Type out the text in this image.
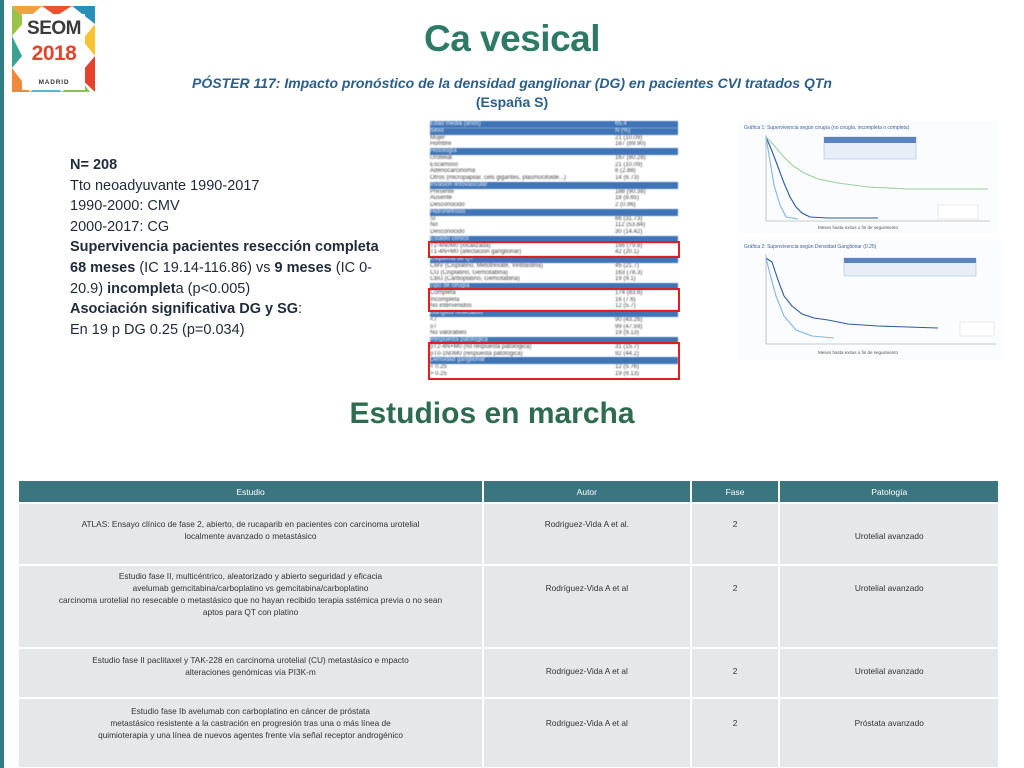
SEOM
2018
MADRID
Ca vesical
PÓSTER 117: Impacto pronóstico de la densidad ganglionar (DG) en pacientes CVI tratados QTn
(España S)
N= 208
Tto neoadyuvante 1990-2017
1990-2000: CMV
2000-2017: CG
Supervivencia pacientes resección completa
68 meses (IC 19.14-116.86) vs 9 meses (IC 0-
20.9) incompleta (p<0.005)
Asociación significativa DG y SG:
En 19 p DG 0.25 (p=0.034)
Edad media (años)	65.4
Sexo	N (%)
Mujer	21 (10.09)
Hombre	187 (89.90)
Histología
Urotelial	167 (80.28)
Escamoso	21 (10.09)
Adenocarcinoma	6 (2.88)
Otros (micropapilar, cels gigantes, plasmocitoide...)	14 (6.73)
Invasión linfovascular
Presente	188 (90.38)
Ausente	18 (8.65)
Desconocido	2 (0.96)
Hidronefrosis
Sí	66 (31.73)
No	112 (53.84)
Desconocido	30 (14.42)
Estadio clínico
T2-4N0M0 (localizada)	166 (79.8)
T1-4N+M0 (afectación ganglionar)	42 (20.1)
Esquema de QT
CMV (Cisplatino, Metotrexate, Vinblastina)	45 (21.7)
CG (Cisplatino, Gemcitabina)	163 (78.3)
CBG (Carboplatino, Gemcitabina)	19 (9.1)
Tipo de cirugía
Completa	174 (83.6)
Incompleta	16 (7.6)
No intervenidos	12 (5.7)
Ganglios resecados
<7	90 (43.26)
≥7	99 (47.59)
No valorables	19 (9.13)
Respuesta patológica
pT2-4N+M0 (no respuesta patológica)	31 (15.7)
pT0-1N0M0 (respuesta patológica)	92 (44.2)
Densidad ganglionar
< 0.25	12 (5.76)
> 0.25	19 (9.13)
Gráfica 1: Supervivencia según cirugía (no cirugía, incompleta o completa)
Meses hasta exitus o fin de seguimiento
Gráfica 2: Supervivencia según Densidad Ganglionar (0.25)
Meses hasta exitus o fin de seguimiento
Estudios en marcha
Estudio	Autor	Fase	Patología

ATLAS: Ensayo clínico de fase 2, abierto, de rucaparib en pacientes con carcinoma urotelial
localmente avanzado o metastásico	Rodriguez-Vida A et al.	2	Urotelial avanzado

Estudio fase II, multicéntrico, aleatorizado y abierto seguridad y eficacia
avelumab gemcitabina/carboplatino vs gemcitabina/carboplatino
carcinoma urotelial no resecable o metastásico que no hayan recibido terapia sstémica previa o no sean
aptos para QT con platino	Rodríguez-Vida A et al	2	Urotelial avanzado

Estudio fase II paclitaxel y TAK-228 en carcinoma urotelial (CU) metastásico e mpacto
alteraciones genómicas vía PI3K-m	Rodriguez-Vida A et al	2	Urotelial avanzado

Estudio fase Ib avelumab con carboplatino en cáncer de próstata
metastásico resistente a la castración en progresión tras una o más línea de
quimioterapia y una línea de nuevos agentes frente vía señal receptor androgénico	Rodriguez-Vida A et al	2	Próstata avanzado
